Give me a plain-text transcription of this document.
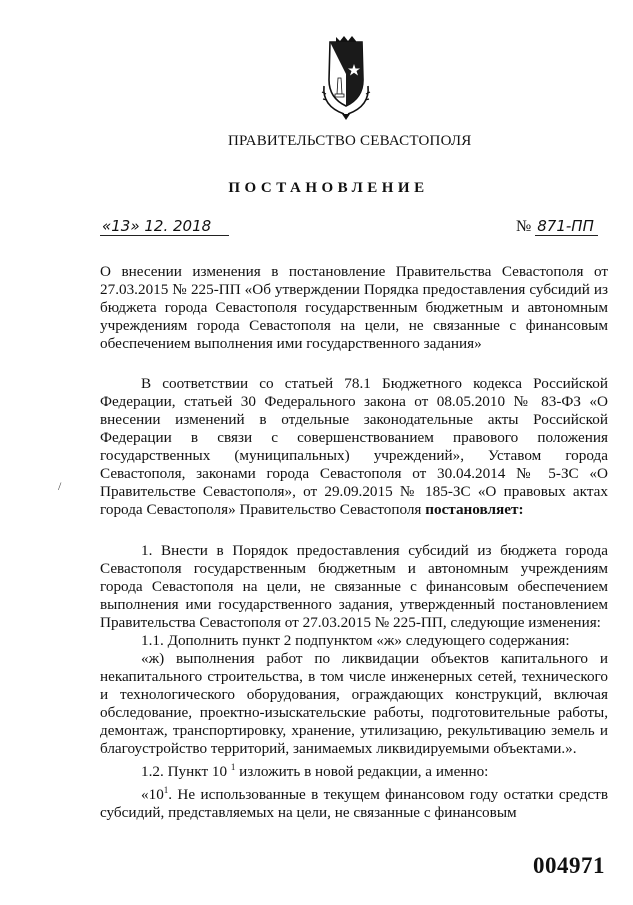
ПРАВИТЕЛЬСТВО СЕВАСТОПОЛЯ
ПОСТАНОВЛЕНИЕ
«13» 12. 2018	№ 871-ПП

О внесении изменения в постановление Правительства Севастополя от 27.03.2015 № 225-ПП «Об утверждении Порядка предоставления субсидий из бюджета города Севастополя государственным бюджетным и автономным учреждениям города Севастополя на цели, не связанные с финансовым обеспечением выполнения ими государственного задания»

В соответствии со статьей 78.1 Бюджетного кодекса Российской Федерации, статьей 30 Федерального закона от 08.05.2010 № 83-ФЗ «О внесении изменений в отдельные законодательные акты Российской Федерации в связи с совершенствованием правового положения государственных (муниципальных) учреждений», Уставом города Севастополя, законами города Севастополя от 30.04.2014 № 5-ЗС «О Правительстве Севастополя», от 29.09.2015 № 185-ЗС «О правовых актах города Севастополя» Правительство Севастополя постановляет:

/

1. Внести в Порядок предоставления субсидий из бюджета города Севастополя государственным бюджетным и автономным учреждениям города Севастополя на цели, не связанные с финансовым обеспечением выполнения ими государственного задания, утвержденный постановлением Правительства Севастополя от 27.03.2015 № 225-ПП, следующие изменения:

1.1. Дополнить пункт 2 подпунктом «ж» следующего содержания:

«ж) выполнения работ по ликвидации объектов капитального и некапитального строительства, в том числе инженерных сетей, технического и технологического оборудования, ограждающих конструкций, включая обследование, проектно-изыскательские работы, подготовительные работы, демонтаж, транспортировку, хранение, утилизацию, рекультивацию земель и благоустройство территорий, занимаемых ликвидируемыми объектами.».

1.2. Пункт 10 $^1$ изложить в новой редакции, а именно:

«$10^1$. Не использованные в текущем финансовом году остатки средств субсидий, представляемых на цели, не связанные с финансовым

004971
